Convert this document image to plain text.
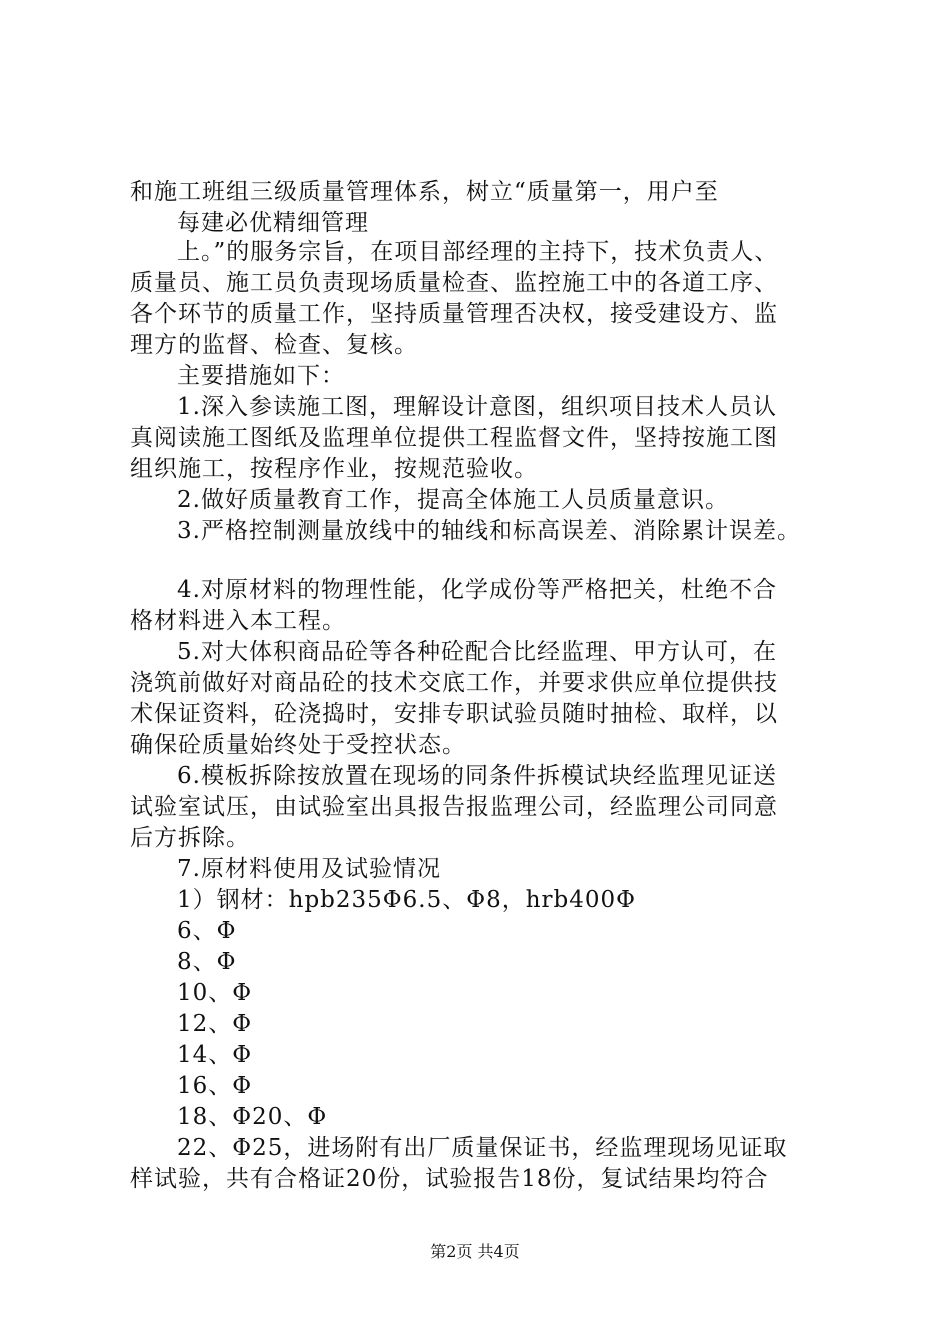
和施工班组三级质量管理体系，树立“质量第一，用户至
每建必优精细管理
上。”的服务宗旨，在项目部经理的主持下，技术负责人、
质量员、施工员负责现场质量检查、监控施工中的各道工序、
各个环节的质量工作，坚持质量管理否决权，接受建设方、监
理方的监督、检查、复核。
主要措施如下：
1.深入参读施工图，理解设计意图，组织项目技术人员认
真阅读施工图纸及监理单位提供工程监督文件，坚持按施工图
组织施工，按程序作业，按规范验收。
2.做好质量教育工作，提高全体施工人员质量意识。
3.严格控制测量放线中的轴线和标高误差、消除累计误差。
4.对原材料的物理性能，化学成份等严格把关，杜绝不合
格材料进入本工程。
5.对大体积商品砼等各种砼配合比经监理、甲方认可，在
浇筑前做好对商品砼的技术交底工作，并要求供应单位提供技
术保证资料，砼浇捣时，安排专职试验员随时抽检、取样，以
确保砼质量始终处于受控状态。
6.模板拆除按放置在现场的同条件拆模试块经监理见证送
试验室试压，由试验室出具报告报监理公司，经监理公司同意
后方拆除。
7.原材料使用及试验情况
1）钢材：hpb235Φ6.5、Φ8，hrb400Φ
6、Φ
8、Φ
10、Φ
12、Φ
14、Φ
16、Φ
18、Φ20、Φ
22、Φ25，进场附有出厂质量保证书，经监理现场见证取
样试验，共有合格证20份，试验报告18份，复试结果均符合
第2页 共4页
